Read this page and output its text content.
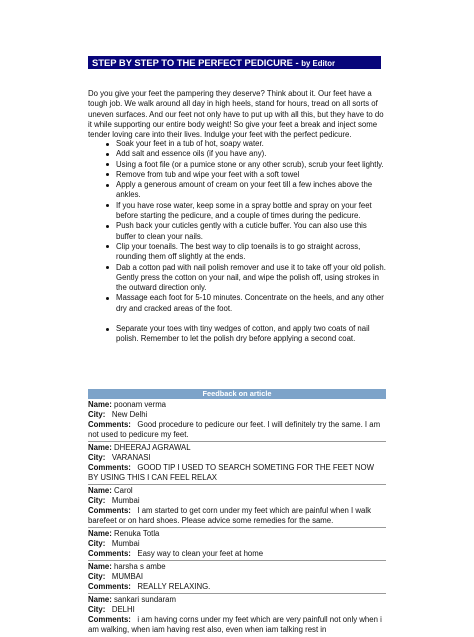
STEP BY STEP TO THE PERFECT PEDICURE - by Editor

Do you give your feet the pampering they deserve? Think about it. Our feet have a tough job. We walk around all day in high heels, stand for hours, tread on all sorts of uneven surfaces. And our feet not only have to put up with all this, but they have to do it while supporting our entire body weight! So give your feet a break and inject some tender loving care into their lives. Indulge your feet with the perfect pedicure.

Soak your feet in a tub of hot, soapy water.
Add salt and essence oils (if you have any).
Using a foot file (or a pumice stone or any other scrub), scrub your feet lightly.
Remove from tub and wipe your feet with a soft towel
Apply a generous amount of cream on your feet till a few inches above the ankles.
If you have rose water, keep some in a spray bottle and spray on your feet before starting the pedicure, and a couple of times during the pedicure.
Push back your cuticles gently with a cuticle buffer. You can also use this buffer to clean your nails.
Clip your toenails. The best way to clip toenails is to go straight across, rounding them off slightly at the ends.
Dab a cotton pad with nail polish remover and use it to take off your old polish. Gently press the cotton on your nail, and wipe the polish off, using strokes in the outward direction only.
Massage each foot for 5-10 minutes. Concentrate on the heels, and any other dry and cracked areas of the foot.
Separate your toes with tiny wedges of cotton, and apply two coats of nail polish. Remember to let the polish dry before applying a second coat.
Feedback on article
Name: poonam verma
City: New Delhi
Comments: Good procedure to pedicure our feet. I will definitely try the same. I am not used to pedicure my feet.
Name: DHEERAJ AGRAWAL
City: VARANASI
Comments: GOOD TIP I USED TO SEARCH SOMETING FOR THE FEET NOW BY USING THIS I CAN FEEL RELAX
Name: Carol
City: Mumbai
Comments: I am started to get corn under my feet which are painful when I walk barefeet or on hard shoes. Please advice some remedies for the same.
Name: Renuka Totla
City: Mumbai
Comments: Easy way to clean your feet at home
Name: harsha s ambe
City: MUMBAI
Comments: REALLY RELAXING.
Name: sankari sundaram
City: DELHI
Comments: i am having corns under my feet which are very painfull not only when i am walking, when iam having rest also, even when iam talking rest in
